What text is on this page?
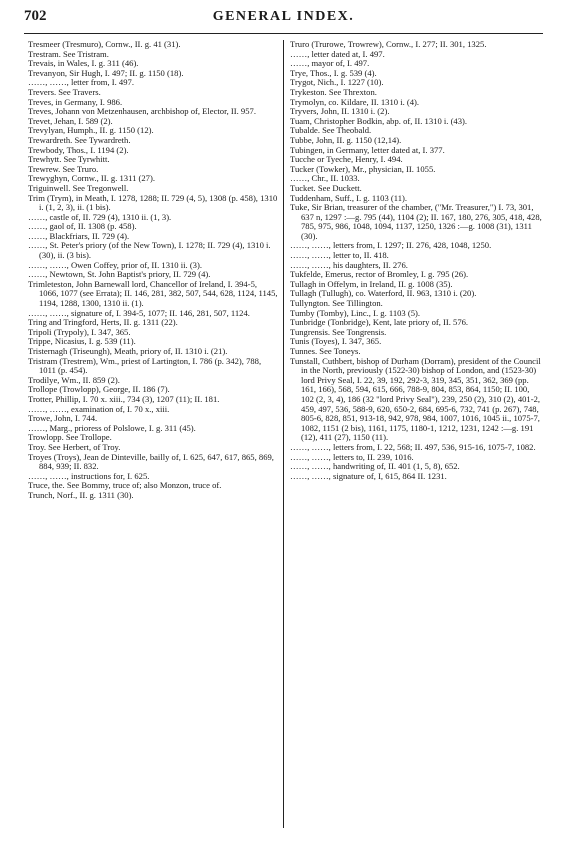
702	GENERAL INDEX.

Tresmeer (Tresmuro), Cornw., II. g. 41 (31).

Trestram. See Tristram.

Trevais, in Wales, I. g. 311 (46).

Trevanyon, Sir Hugh, I. 497; II. g. 1150 (18).

……, ……, letter from, I. 497.

Trevers. See Travers.

Treves, in Germany, I. 986.

Treves, Johann von Metzenhausen, archbishop of, Elector, II. 957.

Trevet, Jehan, I. 589 (2).

Trevylyan, Humph., II. g. 1150 (12).

Trewardreth. See Tywardreth.

Trewbody, Thos., I. 1194 (2).

Trewhytt. See Tyrwhitt.

Trewrew. See Truro.

Trewyghyn, Cornw., II. g. 1311 (27).

Triguinwell. See Tregonwell.

Trim (Trym), in Meath, I. 1278, 1288; II. 729 (4, 5), 1308 (p. 458), 1310 i. (1, 2, 3), ii. (1 bis).

……, castle of, II. 729 (4), 1310 ii. (1, 3).

……, gaol of, II. 1308 (p. 458).

……, Blackfriars, II. 729 (4).

……, St. Peter's priory (of the New Town), I. 1278; II. 729 (4), 1310 i. (30), ii. (3 bis).

……, ……, Owen Coffey, prior of, II. 1310 ii. (3).

……, Newtown, St. John Baptist's priory, II. 729 (4).

Trimleteston, John Barnewall lord, Chancellor of Ireland, I. 394-5, 1066, 1077 (see Errata); II. 146, 281, 382, 507, 544, 628, 1124, 1145, 1194, 1288, 1300, 1310 ii. (1).

……, ……, signature of, I. 394-5, 1077; II. 146, 281, 507, 1124.

Tring and Tringford, Herts, II. g. 1311 (22).

Tripoli (Trypoly), I. 347, 365.

Trippe, Nicasius, I. g. 539 (11).

Tristernagh (Triseungh), Meath, priory of, II. 1310 i. (21).

Tristram (Trestrem), Wm., priest of Lartington, I. 786 (p. 342), 788, 1011 (p. 454).

Trodilye, Wm., II. 859 (2).

Trollope (Trowlopp), George, II. 186 (7).

Trotter, Phillip, I. 70 x. xiii., 734 (3), 1207 (11); II. 181.

……, ……, examination of, I. 70 x., xiii.

Trowe, John, I. 744.

……, Marg., prioress of Polslowe, I. g. 311 (45).

Trowlopp. See Trollope.

Troy. See Herbert, of Troy.

Troyes (Troys), Jean de Dinteville, bailly of, I. 625, 647, 617, 865, 869, 884, 939; II. 832.

……, ……, instructions for, I. 625.

Truce, the. See Bommy, truce of; also Monzon, truce of.

Trunch, Norf., II. g. 1311 (30).

Truro (Trurowe, Trowrew), Cornw., I. 277; II. 301, 1325.

……, letter dated at, I. 497.

……, mayor of, I. 497.

Trye, Thos., I. g. 539 (4).

Trygot, Nich., I. 1227 (10).

Trykeston. See Threxton.

Trymolyn, co. Kildare, II. 1310 i. (4).

Tryvers, John, II. 1310 i. (2).

Tuam, Christopher Bodkin, abp. of, II. 1310 i. (43).

Tubalde. See Theobald.

Tubbe, John, II. g. 1150 (12,14).

Tubingen, in Germany, letter dated at, I. 377.

Tucche or Tyeche, Henry, I. 494.

Tucker (Towker), Mr., physician, II. 1055.

……, Chr., II. 1033.

Tucket. See Duckett.

Tuddenham, Suff., I. g. 1103 (11).

Tuke, Sir Brian, treasurer of the chamber, ("Mr. Treasurer,") I. 73, 301, 637 n, 1297 :—g. 795 (44), 1104 (2); II. 167, 180, 276, 305, 418, 428, 785, 975, 986, 1048, 1094, 1137, 1250, 1326 :—g. 1008 (31), 1311 (30).

……, ……, letters from, I. 1297; II. 276, 428, 1048, 1250.

……, ……, letter to, II. 418.

……, ……, his daughters, II. 276.

Tukfelde, Emerus, rector of Bromley, I. g. 795 (26).

Tullagh in Offelym, in Ireland, II. g. 1008 (35).

Tullagh (Tullugh), co. Waterford, II. 963, 1310 i. (20).

Tullyngton. See Tillington.

Tumby (Tomby), Linc., I. g. 1103 (5).

Tunbridge (Tonbridge), Kent, late priory of, II. 576.

Tungrensis. See Tongrensis.

Tunis (Toyes), I. 347, 365.

Tunnes. See Toneys.

Tunstall, Cuthbert, bishop of Durham (Dorram), president of the Council in the North, previously (1522-30) bishop of London, and (1523-30) lord Privy Seal, I. 22, 39, 192, 292-3, 319, 345, 351, 362, 369 (pp. 161, 166), 568, 594, 615, 666, 788-9, 804, 853, 864, 1150; II. 100, 102 (2, 3, 4), 186 (32 "lord Privy Seal"), 239, 250 (2), 310 (2), 401-2, 459, 497, 536, 588-9, 620, 650-2, 684, 695-6, 732, 741 (p. 267), 748, 805-6, 828, 851, 913-18, 942, 978, 984, 1007, 1016, 1045 ii., 1075-7, 1082, 1151 (2 bis), 1161, 1175, 1180-1, 1212, 1231, 1242 :—g. 191 (12), 411 (27), 1150 (11).

……, ……, letters from, I. 22, 568; II. 497, 536, 915-16, 1075-7, 1082.

……, ……, letters to, II. 239, 1016.

……, ……, handwriting of, II. 401 (1, 5, 8), 652.

……, ……, signature of, I, 615, 864 II. 1231.
